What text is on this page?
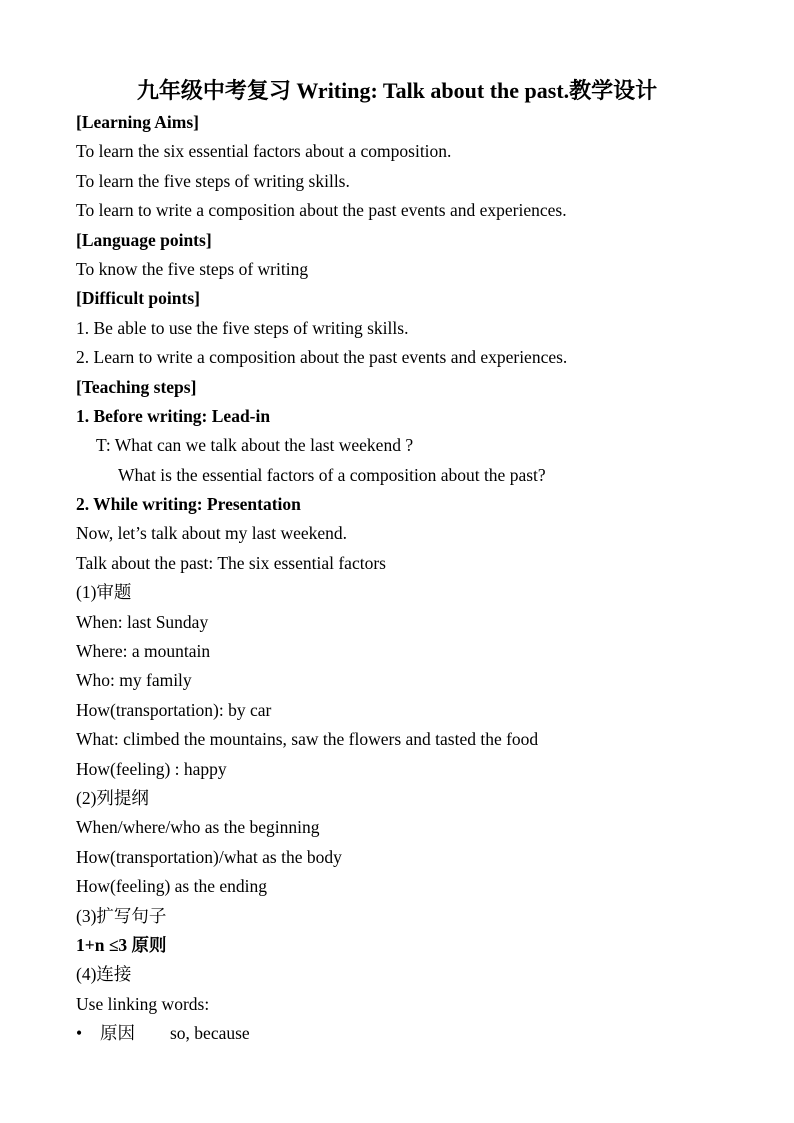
九年级中考复习 Writing: Talk about the past.教学设计
[Learning Aims]
To learn the six essential factors about a composition.
To learn the five steps of writing skills.
To learn to write a composition about the past events and experiences.
[Language points]
To know the five steps of writing
[Difficult points]
1. Be able to use the five steps of writing skills.
2. Learn to write a composition about the past events and experiences.
[Teaching steps]
1. Before writing: Lead-in
T: What can we talk about the last weekend ?
What is the essential factors of a composition about the past?
2. While writing: Presentation
Now, let’s talk about my last weekend.
Talk about the past: The six essential factors
(1)审题
When: last Sunday
Where: a mountain
Who: my family
How(transportation): by car
What: climbed the mountains, saw the flowers and tasted the food
How(feeling) : happy
(2)列提纲
When/where/who as the beginning
How(transportation)/what as the body
How(feeling) as the ending
(3)扩写句子
1+n ≤3 原则
(4)连接
Use linking words:
• 原因 so, because
